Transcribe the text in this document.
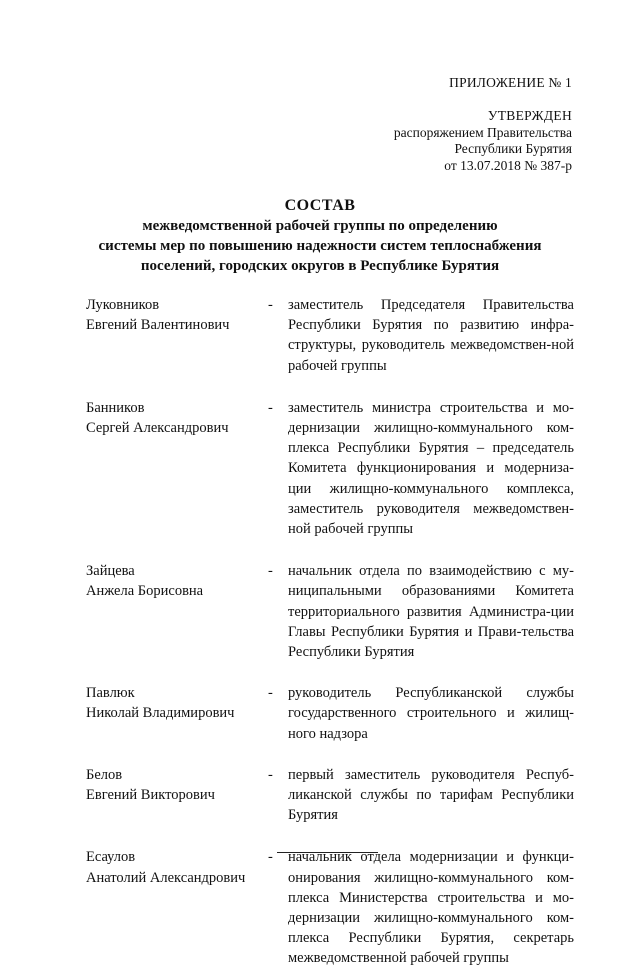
ПРИЛОЖЕНИЕ № 1
УТВЕРЖДЕН
распоряжением Правительства
Республики Бурятия
от 13.07.2018 № 387-р
СОСТАВ
межведомственной рабочей группы по определению
системы мер по повышению надежности систем теплоснабжения
поселений, городских округов в Республике Бурятия
Луковников
Евгений Валентинович
-	заместитель Председателя Правительства Республики Бурятия по развитию инфра-структуры, руководитель межведомствен-ной рабочей группы
Банников
Сергей Александрович
-	заместитель министра строительства и мо-дернизации жилищно-коммунального ком-плекса Республики Бурятия – председатель Комитета функционирования и модерниза-ции жилищно-коммунального комплекса, заместитель руководителя межведомствен-ной рабочей группы
Зайцева
Анжела Борисовна
-	начальник отдела по взаимодействию с му-ниципальными образованиями Комитета территориального развития Администра-ции Главы Республики Бурятия и Прави-тельства Республики Бурятия
Павлюк
Николай Владимирович
-	руководитель Республиканской службы государственного строительного и жилищ-ного надзора
Белов
Евгений Викторович
-	первый заместитель руководителя Респуб-ликанской службы по тарифам Республики Бурятия
Есаулов
Анатолий Александрович
-	начальник отдела модернизации и функци-онирования жилищно-коммунального ком-плекса Министерства строительства и мо-дернизации жилищно-коммунального ком-плекса Республики Бурятия, секретарь межведомственной рабочей группы
